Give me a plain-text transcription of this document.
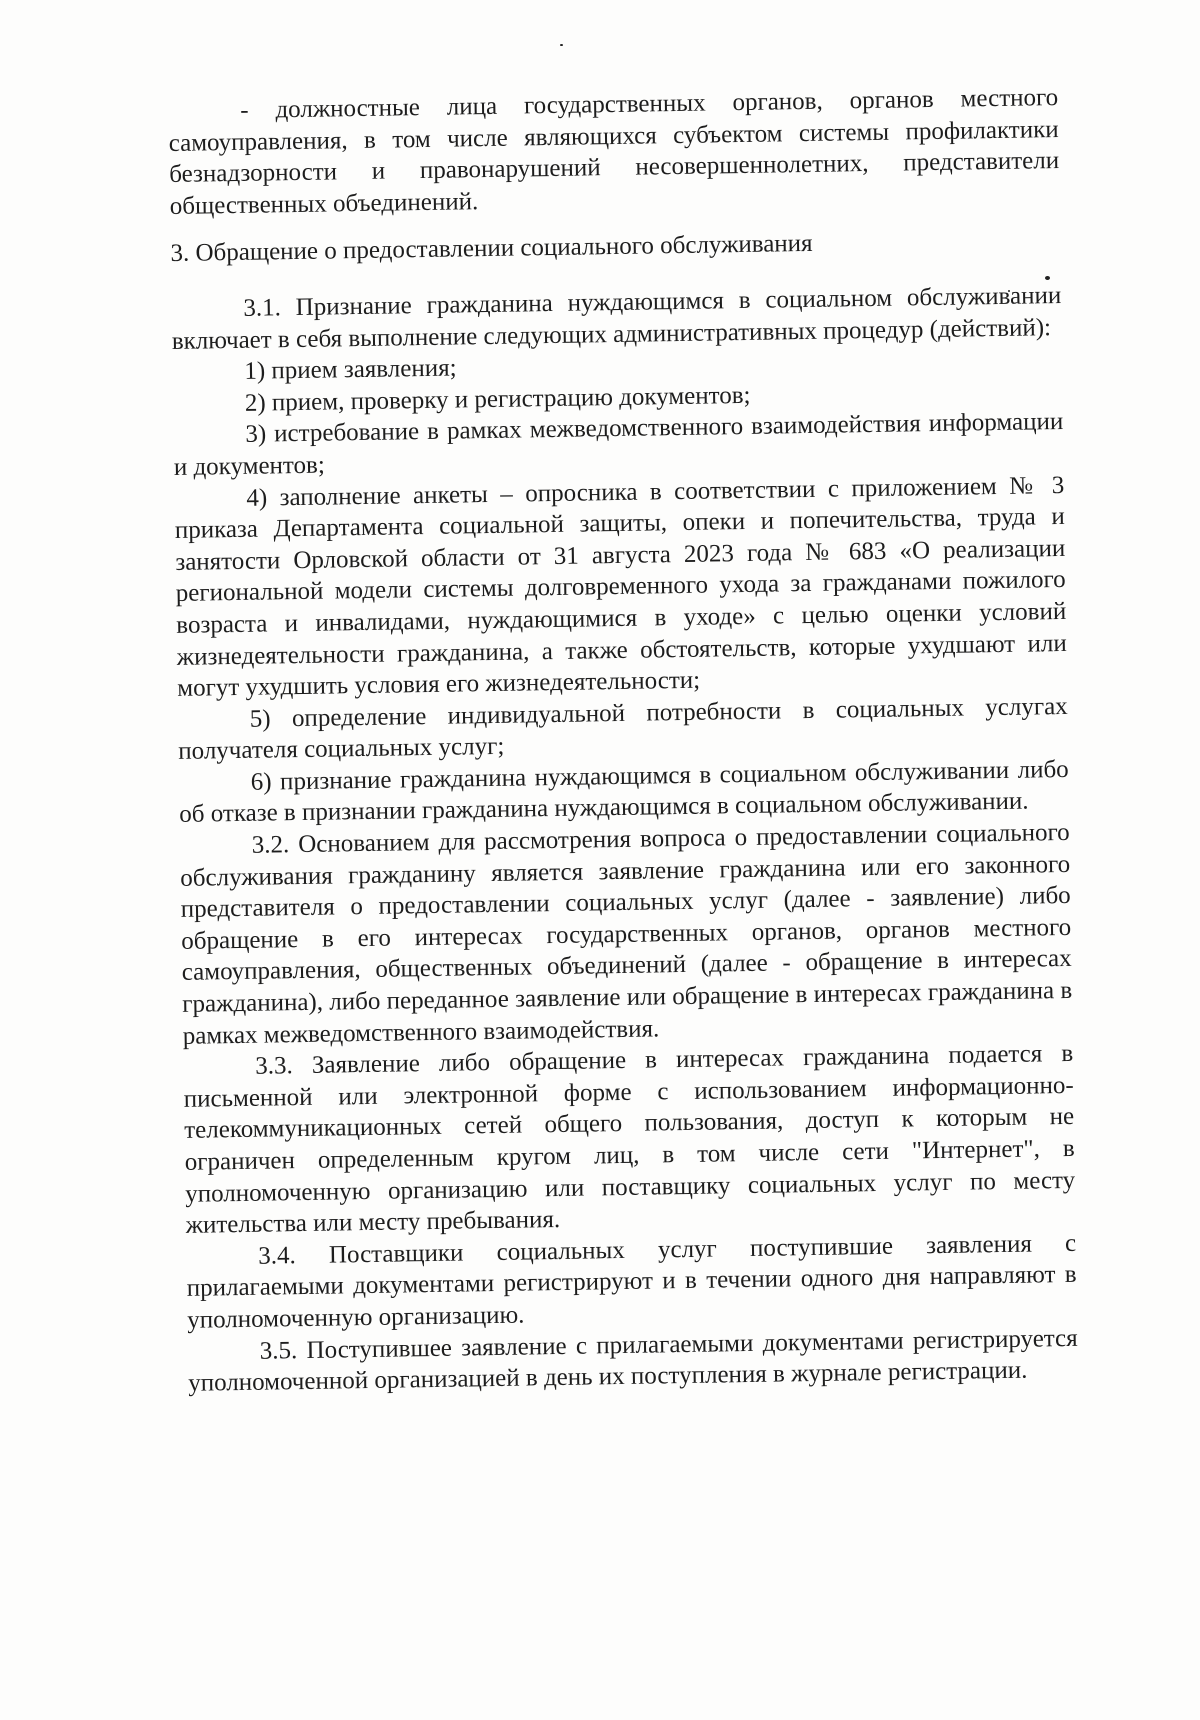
- должностные лица государственных органов, органов местного самоуправления, в том числе являющихся субъектом системы профилактики безнадзорности и правонарушений несовершеннолетних, представители общественных объединений.

3. Обращение о предоставлении социального обслуживания

3.1. Признание гражданина нуждающимся в социальном обслуживании включает в себя выполнение следующих административных процедур (действий):

1) прием заявления;

2) прием, проверку и регистрацию документов;

3) истребование в рамках межведомственного взаимодействия информации и документов;

4) заполнение анкеты – опросника в соответствии с приложением № 3 приказа Департамента социальной защиты, опеки и попечительства, труда и занятости Орловской области от 31 августа 2023 года № 683 «О реализации региональной модели системы долговременного ухода за гражданами пожилого возраста и инвалидами, нуждающимися в уходе» с целью оценки условий жизнедеятельности гражданина, а также обстоятельств, которые ухудшают или могут ухудшить условия его жизнедеятельности;

5) определение индивидуальной потребности в социальных услугах получателя социальных услуг;

6) признание гражданина нуждающимся в социальном обслуживании либо об отказе в признании гражданина нуждающимся в социальном обслуживании.

3.2. Основанием для рассмотрения вопроса о предоставлении социального обслуживания гражданину является заявление гражданина или его законного представителя о предоставлении социальных услуг (далее - заявление) либо обращение в его интересах государственных органов, органов местного самоуправления, общественных объединений (далее - обращение в интересах гражданина), либо переданное заявление или обращение в интересах гражданина в рамках межведомственного взаимодействия.

3.3. Заявление либо обращение в интересах гражданина подается в письменной или электронной форме с использованием информационно-телекоммуникационных сетей общего пользования, доступ к которым не ограничен определенным кругом лиц, в том числе сети "Интернет", в уполномоченную организацию или поставщику социальных услуг по месту жительства или месту пребывания.

3.4. Поставщики социальных услуг поступившие заявления с прилагаемыми документами регистрируют и в течении одного дня направляют в уполномоченную организацию.

3.5. Поступившее заявление с прилагаемыми документами регистрируется уполномоченной организацией в день их поступления в журнале регистрации.
